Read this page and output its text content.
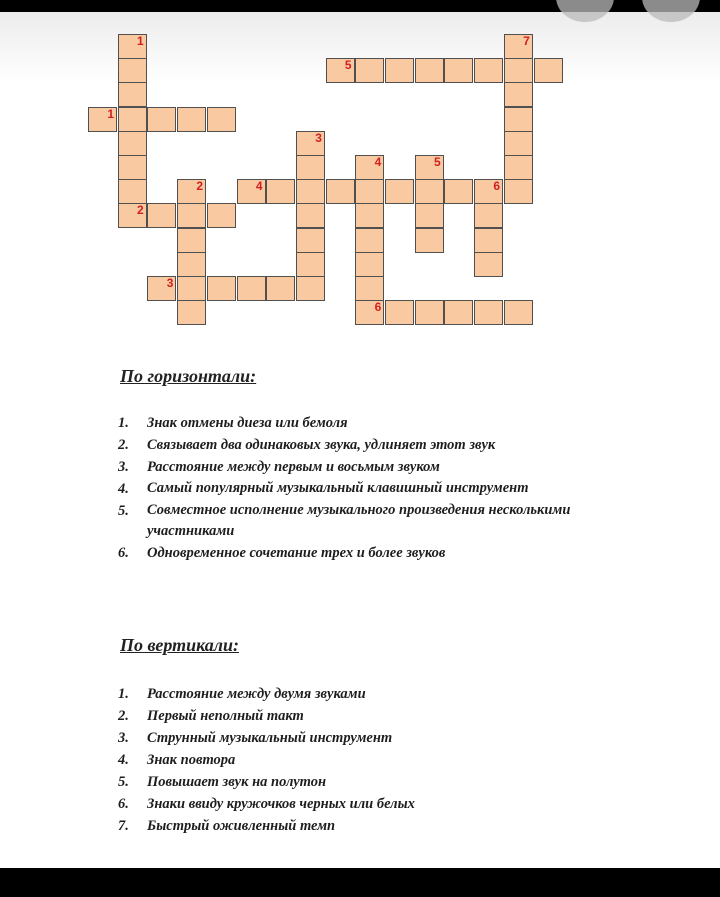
1
2
7
5
1
3
4	5
4	6
2
3
6
По горизонтали:
1.	Знак отмены диеза или бемоля
2.	Связывает два одинаковых звука, удлиняет этот звук
3.	Расстояние между первым и восьмым звуком
4.	Самый популярный музыкальный клавишный инструмент
5.	Совместное исполнение музыкального произведения несколькими участниками
6.	Одновременное сочетание трех и более звуков
По вертикали:
1.	Расстояние между двумя звуками
2.	Первый неполный такт
3.	Струнный музыкальный инструмент
4.	Знак повтора
5.	Повышает звук на полутон
6.	Знаки ввиду кружочков черных или белых
7.	Быстрый оживленный темп
